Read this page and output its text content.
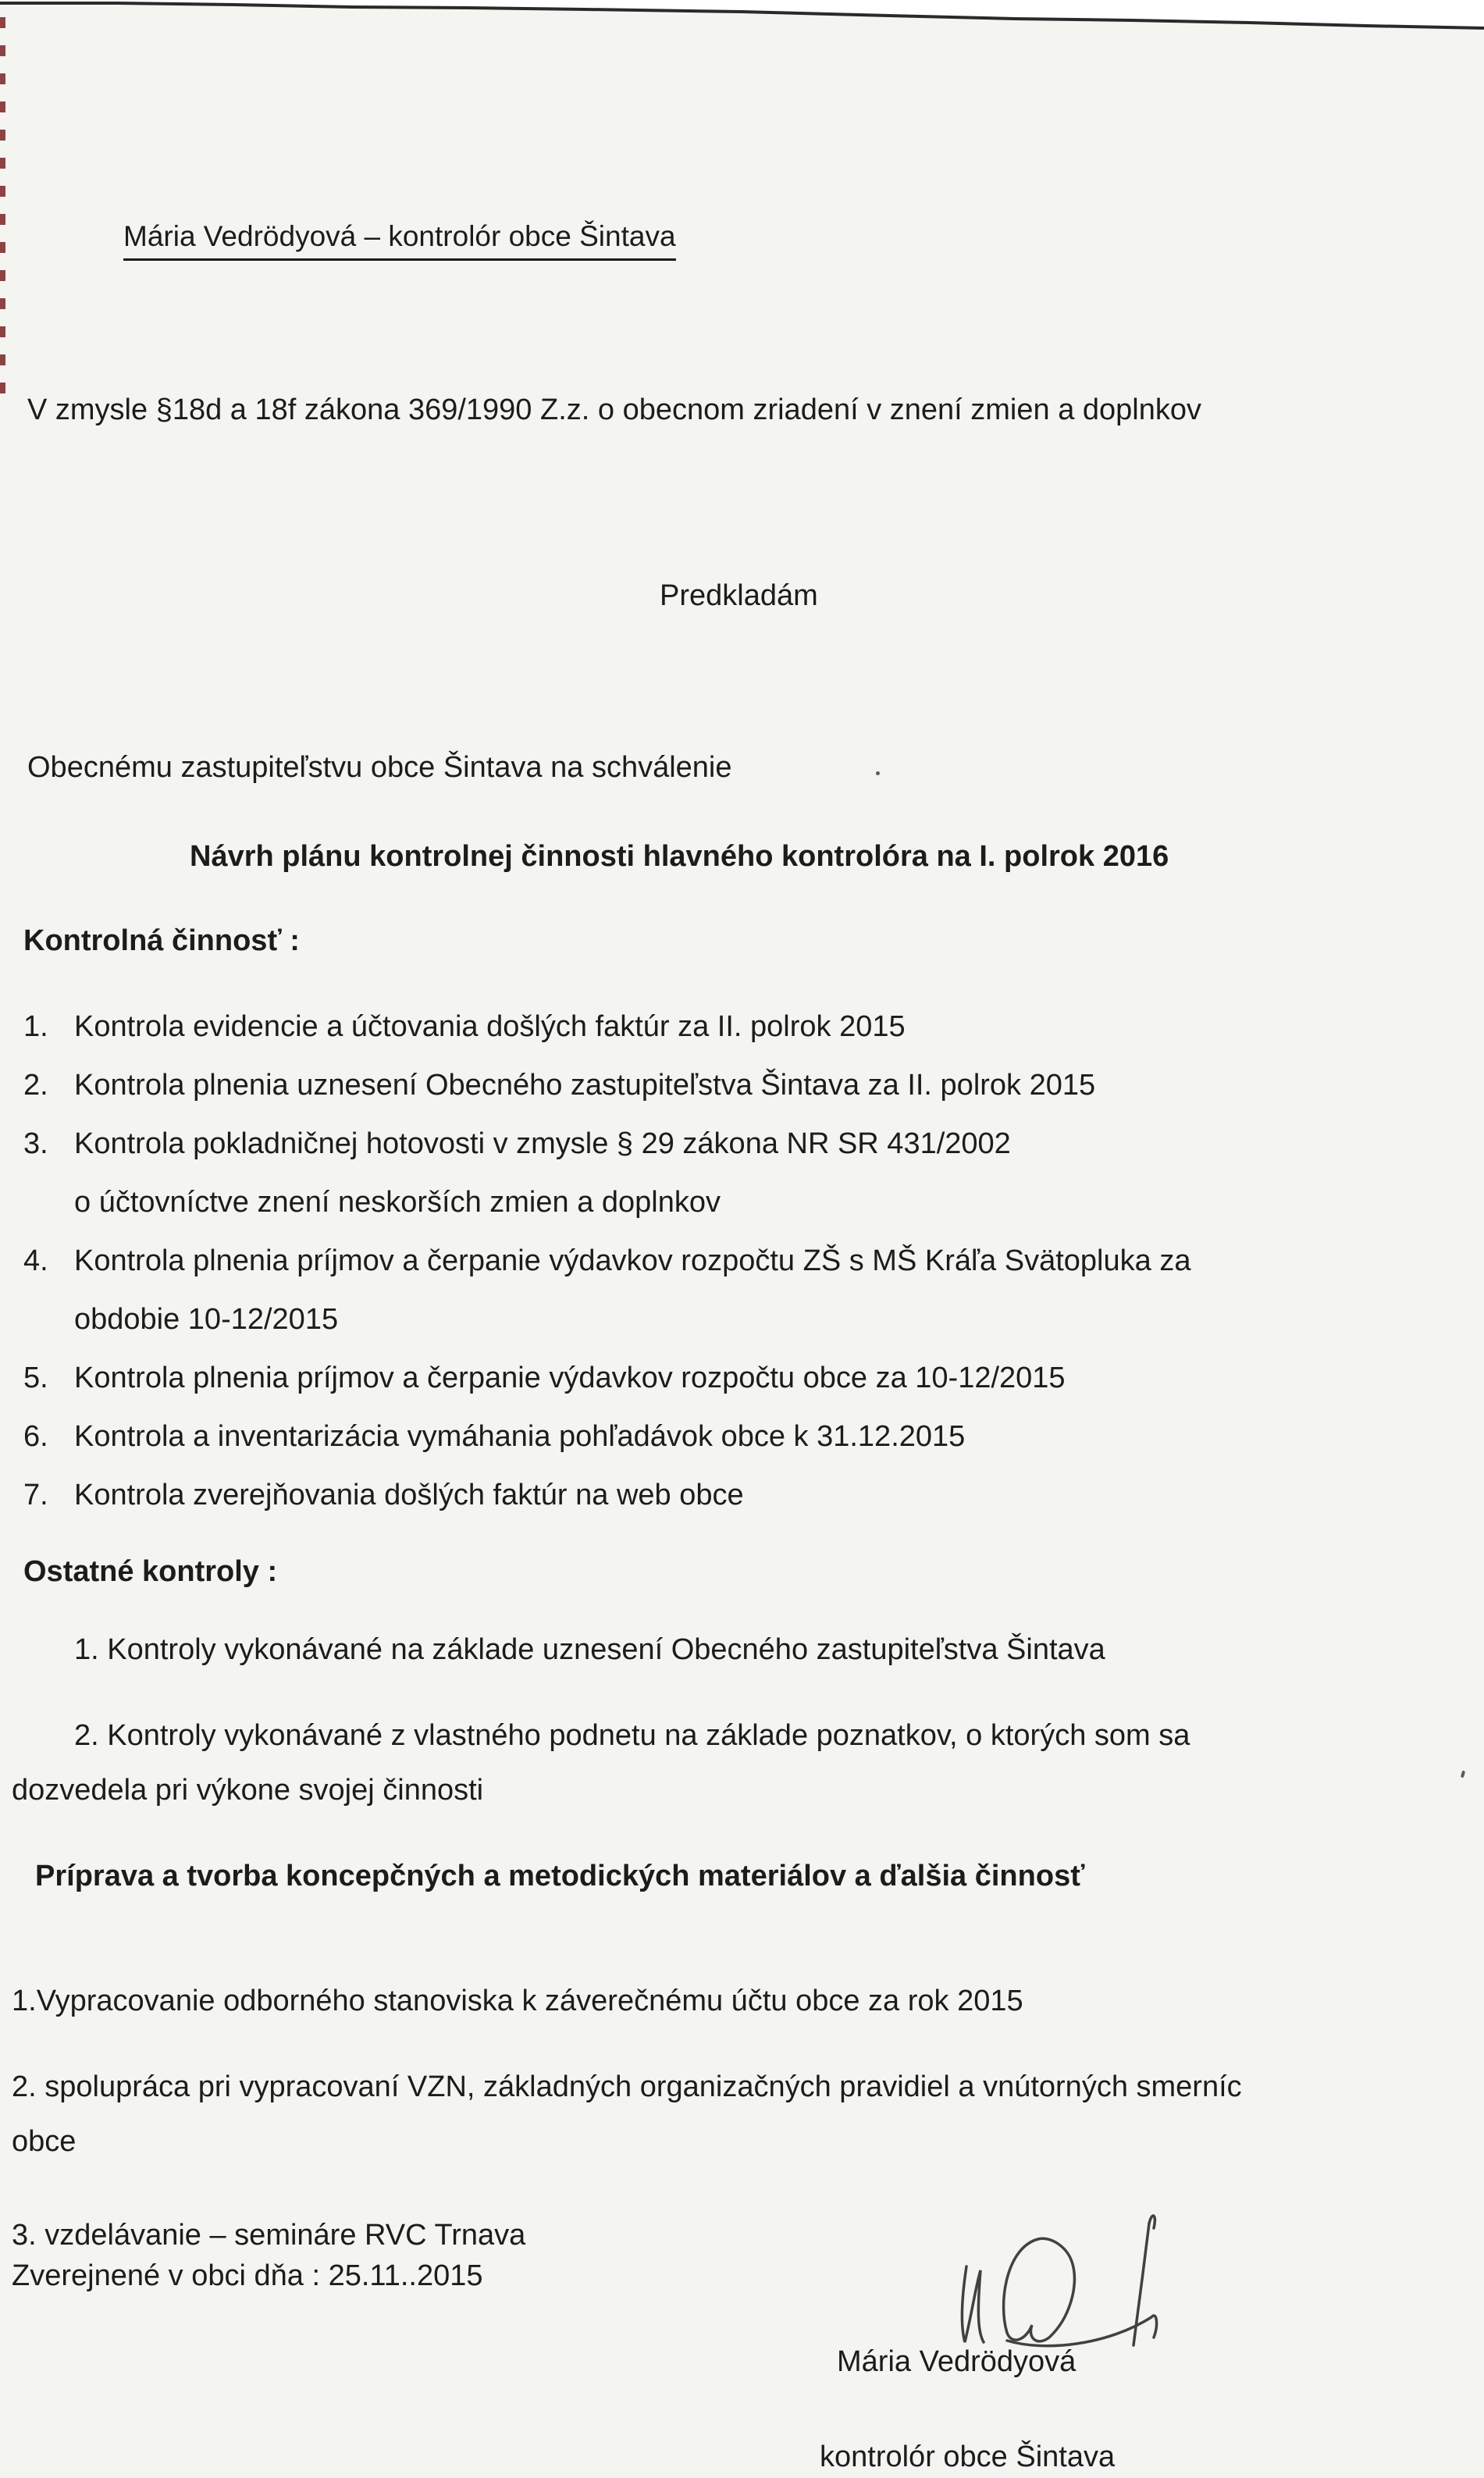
Mária Vedrödyová – kontrolór obce Šintava
V zmysle §18d a 18f zákona 369/1990 Z.z. o obecnom zriadení v znení zmien a doplnkov
Predkladám
Obecnému zastupiteľstvu obce Šintava na schválenie
Návrh plánu kontrolnej činnosti hlavného kontrolóra na I. polrok 2016
Kontrolná činnosť :
1. Kontrola evidencie a účtovania došlých faktúr za II. polrok 2015
2. Kontrola plnenia uznesení Obecného zastupiteľstva Šintava za II. polrok 2015
3. Kontrola pokladničnej hotovosti v zmysle § 29 zákona NR SR 431/2002
o účtovníctve znení neskorších zmien a doplnkov
4. Kontrola plnenia príjmov a čerpanie výdavkov rozpočtu ZŠ s MŠ Kráľa Svätopluka za
obdobie 10-12/2015
5. Kontrola plnenia príjmov a čerpanie výdavkov rozpočtu obce za 10-12/2015
6. Kontrola a inventarizácia vymáhania pohľadávok obce k 31.12.2015
7. Kontrola zverejňovania došlých faktúr na web obce
Ostatné kontroly :
1. Kontroly vykonávané na základe uznesení Obecného zastupiteľstva Šintava
2. Kontroly vykonávané z vlastného podnetu na základe poznatkov, o ktorých som sa
dozvedela pri výkone svojej činnosti
Príprava a tvorba koncepčných a metodických materiálov a ďalšia činnosť
1.Vypracovanie odborného stanoviska k záverečnému účtu obce za rok 2015
2. spolupráca pri vypracovaní VZN, základných organizačných pravidiel a vnútorných smerníc
obce
3. vzdelávanie – semináre RVC Trnava
Zverejnené v obci dňa : 25.11..2015
Mária Vedrödyová
kontrolór obce Šintava
